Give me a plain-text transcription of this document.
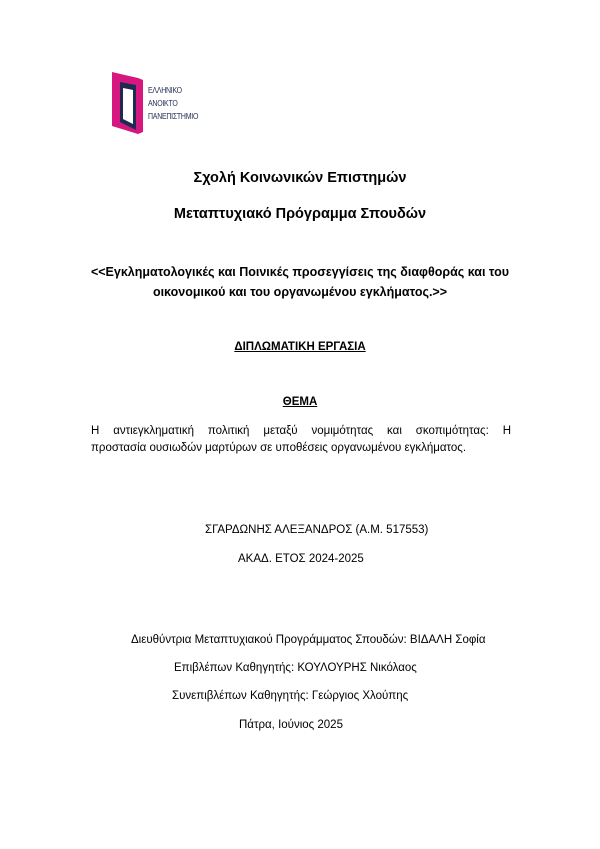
ΕΛΛΗΝΙΚΟ
ΑΝΟΙΚΤΟ
ΠΑΝΕΠΙΣΤΗΜΙΟ
Σχολή Κοινωνικών Επιστημών
Μεταπτυχιακό Πρόγραμμα Σπουδών
<<Εγκληματολογικές και Ποινικές προσεγγίσεις της διαφθοράς και του οικονομικού και του οργανωμένου εγκλήματος.>>
ΔΙΠΛΩΜΑΤΙΚΗ ΕΡΓΑΣΙΑ
ΘΕΜΑ
Η αντιεγκληματική πολιτική μεταξύ νομιμότητας και σκοπιμότητας: Η
προστασία ουσιωδών μαρτύρων σε υποθέσεις οργανωμένου εγκλήματος.
ΣΓΑΡΔΩΝΗΣ ΑΛΕΞΑΝΔΡΟΣ (Α.Μ. 517553)
ΑΚΑΔ. ΕΤΟΣ 2024-2025
Διευθύντρια Μεταπτυχιακού Προγράμματος Σπουδών: ΒΙΔΑΛΗ Σοφία
Επιβλέπων Καθηγητής: ΚΟΥΛΟΥΡΗΣ Νικόλαος
Συνεπιβλέπων Καθηγητής: Γεώργιος Χλούπης
Πάτρα, Ιούνιος 2025
